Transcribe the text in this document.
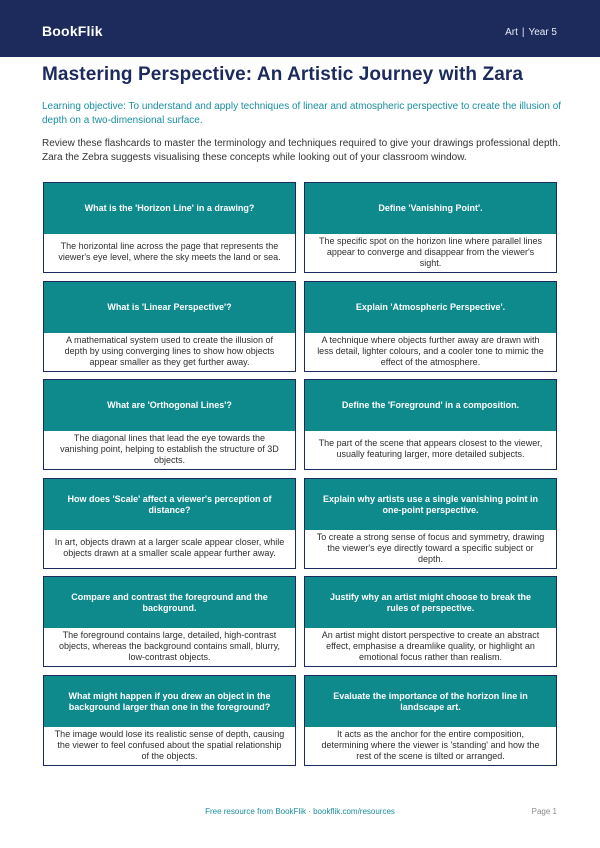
BookFlik	Art | Year 5
Mastering Perspective: An Artistic Journey with Zara

Learning objective: To understand and apply techniques of linear and atmospheric perspective to create the illusion of depth on a two-dimensional surface.

Review these flashcards to master the terminology and techniques required to give your drawings professional depth. Zara the Zebra suggests visualising these concepts while looking out of your classroom window.

What is the 'Horizon Line' in a drawing?
The horizontal line across the page that represents the viewer's eye level, where the sky meets the land or sea.
Define 'Vanishing Point'.
The specific spot on the horizon line where parallel lines appear to converge and disappear from the viewer's sight.
What is 'Linear Perspective'?
A mathematical system used to create the illusion of depth by using converging lines to show how objects appear smaller as they get further away.
Explain 'Atmospheric Perspective'.
A technique where objects further away are drawn with less detail, lighter colours, and a cooler tone to mimic the effect of the atmosphere.
What are 'Orthogonal Lines'?
The diagonal lines that lead the eye towards the vanishing point, helping to establish the structure of 3D objects.
Define the 'Foreground' in a composition.
The part of the scene that appears closest to the viewer, usually featuring larger, more detailed subjects.
How does 'Scale' affect a viewer's perception of distance?
In art, objects drawn at a larger scale appear closer, while objects drawn at a smaller scale appear further away.
Explain why artists use a single vanishing point in one-point perspective.
To create a strong sense of focus and symmetry, drawing the viewer's eye directly toward a specific subject or depth.
Compare and contrast the foreground and the background.
The foreground contains large, detailed, high-contrast objects, whereas the background contains small, blurry, low-contrast objects.
Justify why an artist might choose to break the rules of perspective.
An artist might distort perspective to create an abstract effect, emphasise a dreamlike quality, or highlight an emotional focus rather than realism.
What might happen if you drew an object in the background larger than one in the foreground?
The image would lose its realistic sense of depth, causing the viewer to feel confused about the spatial relationship of the objects.
Evaluate the importance of the horizon line in landscape art.
It acts as the anchor for the entire composition, determining where the viewer is 'standing' and how the rest of the scene is tilted or arranged.
Free resource from BookFlik · bookflik.com/resources	Page 1
